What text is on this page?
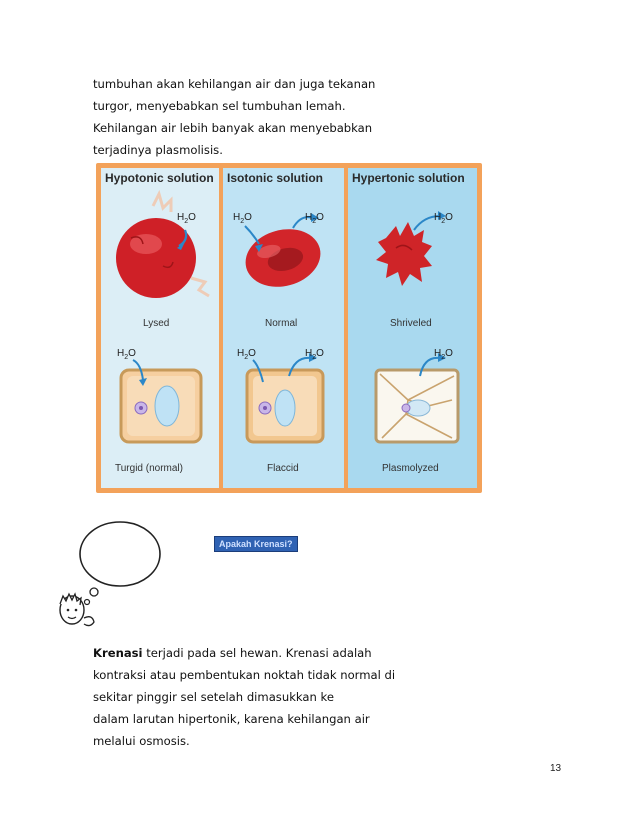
tumbuhan akan kehilangan air dan juga tekanan
turgor, menyebabkan sel tumbuhan lemah.
Kehilangan air lebih banyak akan menyebabkan
terjadinya plasmolisis.

Hypotonic solution
$H_2O$
$H_2O$
Lysed
Turgid (normal)
Isotonic solution
$H_2O$	$H_2O$
$H_2O$	$H_2O$
Normal
Flaccid
Hypertonic solution
$H_2O$
$H_2O$
Shriveled
Plasmolyzed
Apakah Krenasi?

Krenasi terjadi pada sel hewan. Krenasi adalah
kontraksi atau pembentukan noktah tidak normal di
sekitar pinggir sel setelah dimasukkan ke
dalam larutan hipertonik, karena kehilangan air
melalui osmosis.

13
